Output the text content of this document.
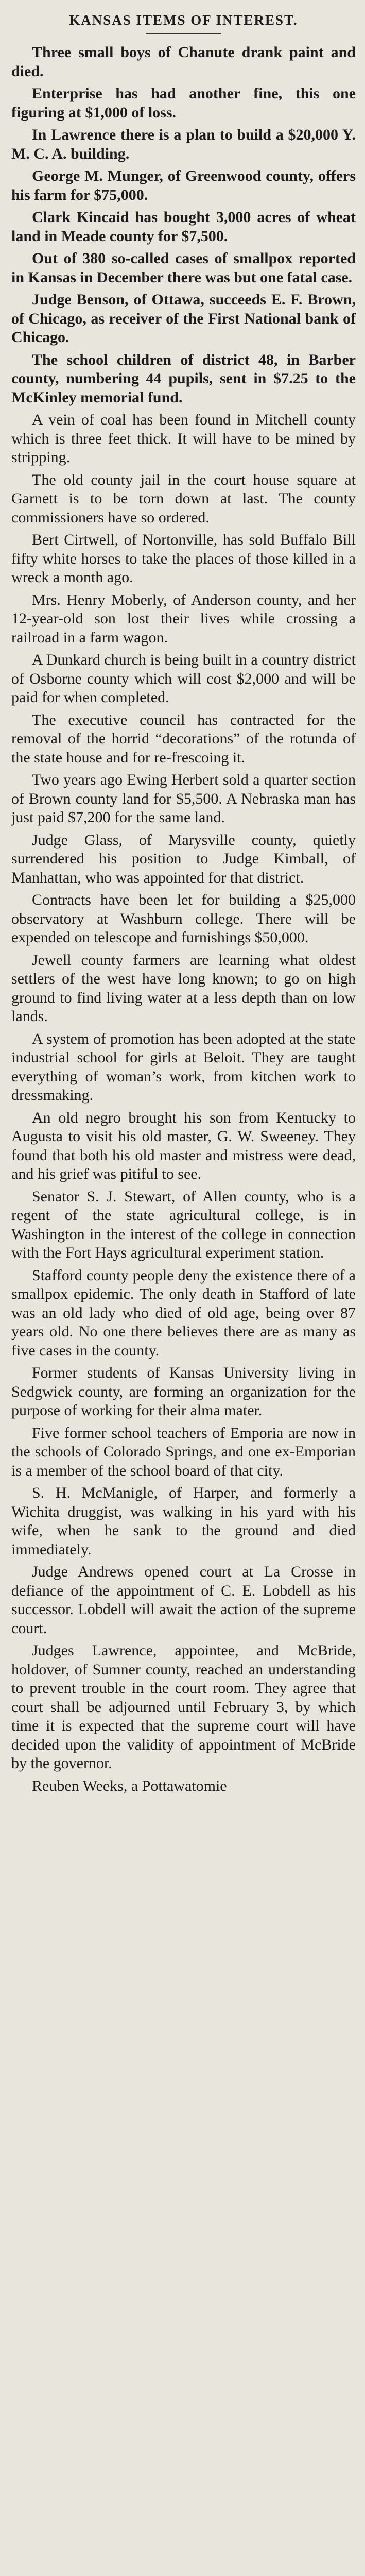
KANSAS ITEMS OF INTEREST.

Three small boys of Chanute drank paint and died.

Enterprise has had another fine, this one figuring at $1,000 of loss.

In Lawrence there is a plan to build a $20,000 Y. M. C. A. building.

George M. Munger, of Greenwood county, offers his farm for $75,000.

Clark Kincaid has bought 3,000 acres of wheat land in Meade county for $7,500.

Out of 380 so-called cases of smallpox reported in Kansas in December there was but one fatal case.

Judge Benson, of Ottawa, succeeds E. F. Brown, of Chicago, as receiver of the First National bank of Chicago.

The school children of district 48, in Barber county, numbering 44 pupils, sent in $7.25 to the McKinley memorial fund.

A vein of coal has been found in Mitchell county which is three feet thick. It will have to be mined by stripping.

The old county jail in the court house square at Garnett is to be torn down at last. The county commissioners have so ordered.

Bert Cirtwell, of Nortonville, has sold Buffalo Bill fifty white horses to take the places of those killed in a wreck a month ago.

Mrs. Henry Moberly, of Anderson county, and her 12-year-old son lost their lives while crossing a railroad in a farm wagon.

A Dunkard church is being built in a country district of Osborne county which will cost $2,000 and will be paid for when completed.

The executive council has contracted for the removal of the horrid “decorations” of the rotunda of the state house and for re-frescoing it.

Two years ago Ewing Herbert sold a quarter section of Brown county land for $5,500. A Nebraska man has just paid $7,200 for the same land.

Judge Glass, of Marysville county, quietly surrendered his position to Judge Kimball, of Manhattan, who was appointed for that district.

Contracts have been let for building a $25,000 observatory at Washburn college. There will be expended on telescope and furnishings $50,000.

Jewell county farmers are learning what oldest settlers of the west have long known; to go on high ground to find living water at a less depth than on low lands.

A system of promotion has been adopted at the state industrial school for girls at Beloit. They are taught everything of woman’s work, from kitchen work to dressmaking.

An old negro brought his son from Kentucky to Augusta to visit his old master, G. W. Sweeney. They found that both his old master and mistress were dead, and his grief was pitiful to see.

Senator S. J. Stewart, of Allen county, who is a regent of the state agricultural college, is in Washington in the interest of the college in connection with the Fort Hays agricultural experiment station.

Stafford county people deny the existence there of a smallpox epidemic. The only death in Stafford of late was an old lady who died of old age, being over 87 years old. No one there believes there are as many as five cases in the county.

Former students of Kansas University living in Sedgwick county, are forming an organization for the purpose of working for their alma mater.

Five former school teachers of Emporia are now in the schools of Colorado Springs, and one ex-Emporian is a member of the school board of that city.

S. H. McManigle, of Harper, and formerly a Wichita druggist, was walking in his yard with his wife, when he sank to the ground and died immediately.

Judge Andrews opened court at La Crosse in defiance of the appointment of C. E. Lobdell as his successor. Lobdell will await the action of the supreme court.

Judges Lawrence, appointee, and McBride, holdover, of Sumner county, reached an understanding to prevent trouble in the court room. They agree that court shall be adjourned until February 3, by which time it is expected that the supreme court will have decided upon the validity of appointment of McBride by the governor.

Reuben Weeks, a Pottawatomie
